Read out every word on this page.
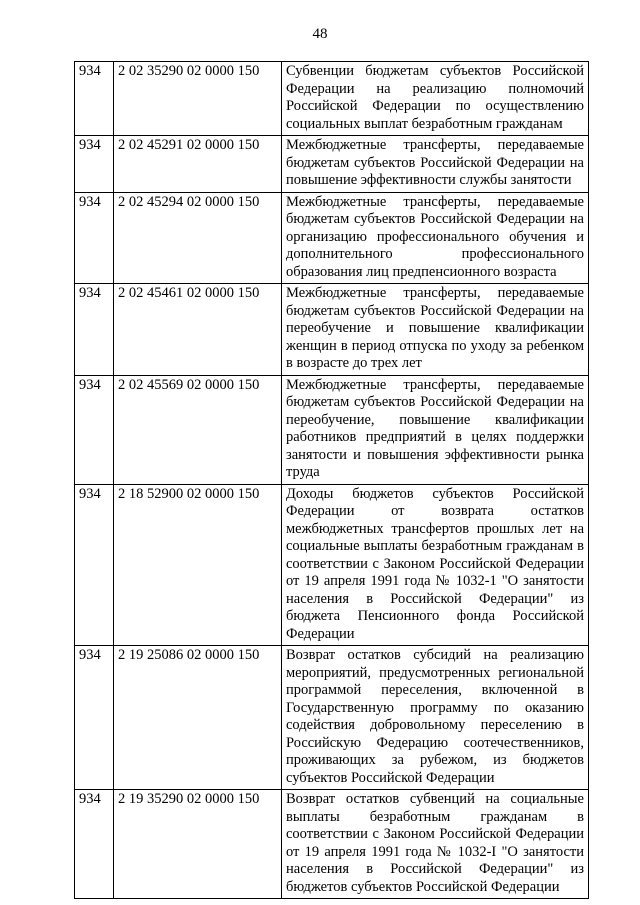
48
934	2 02 35290 02 0000 150	Субвенции бюджетам субъектов Российской Федерации на реализацию полномочий Российской Федерации по осуществлению социальных выплат безработным гражданам
934	2 02 45291 02 0000 150	Межбюджетные трансферты, передаваемые бюджетам субъектов Российской Федерации на повышение эффективности службы занятости
934	2 02 45294 02 0000 150	Межбюджетные трансферты, передаваемые бюджетам субъектов Российской Федерации на организацию профессионального обучения и дополнительного профессионального образования лиц предпенсионного возраста
934	2 02 45461 02 0000 150	Межбюджетные трансферты, передаваемые бюджетам субъектов Российской Федерации на переобучение и повышение квалификации женщин в период отпуска по уходу за ребенком в возрасте до трех лет
934	2 02 45569 02 0000 150	Межбюджетные трансферты, передаваемые бюджетам субъектов Российской Федерации на переобучение, повышение квалификации работников предприятий в целях поддержки занятости и повышения эффективности рынка труда
934	2 18 52900 02 0000 150	Доходы бюджетов субъектов Российской Федерации от возврата остатков межбюджетных трансфертов прошлых лет на социальные выплаты безработным гражданам в соответствии с Законом Российской Федерации от 19 апреля 1991 года № 1032-1 "О занятости населения в Российской Федерации" из бюджета Пенсионного фонда Российской Федерации
934	2 19 25086 02 0000 150	Возврат остатков субсидий на реализацию мероприятий, предусмотренных региональной программой переселения, включенной в Государственную программу по оказанию содействия добровольному переселению в Российскую Федерацию соотечественников, проживающих за рубежом, из бюджетов субъектов Российской Федерации
934	2 19 35290 02 0000 150	Возврат остатков субвенций на социальные выплаты безработным гражданам в соответствии с Законом Российской Федерации от 19 апреля 1991 года № 1032-I "О занятости населения в Российской Федерации" из бюджетов субъектов Российской Федерации
